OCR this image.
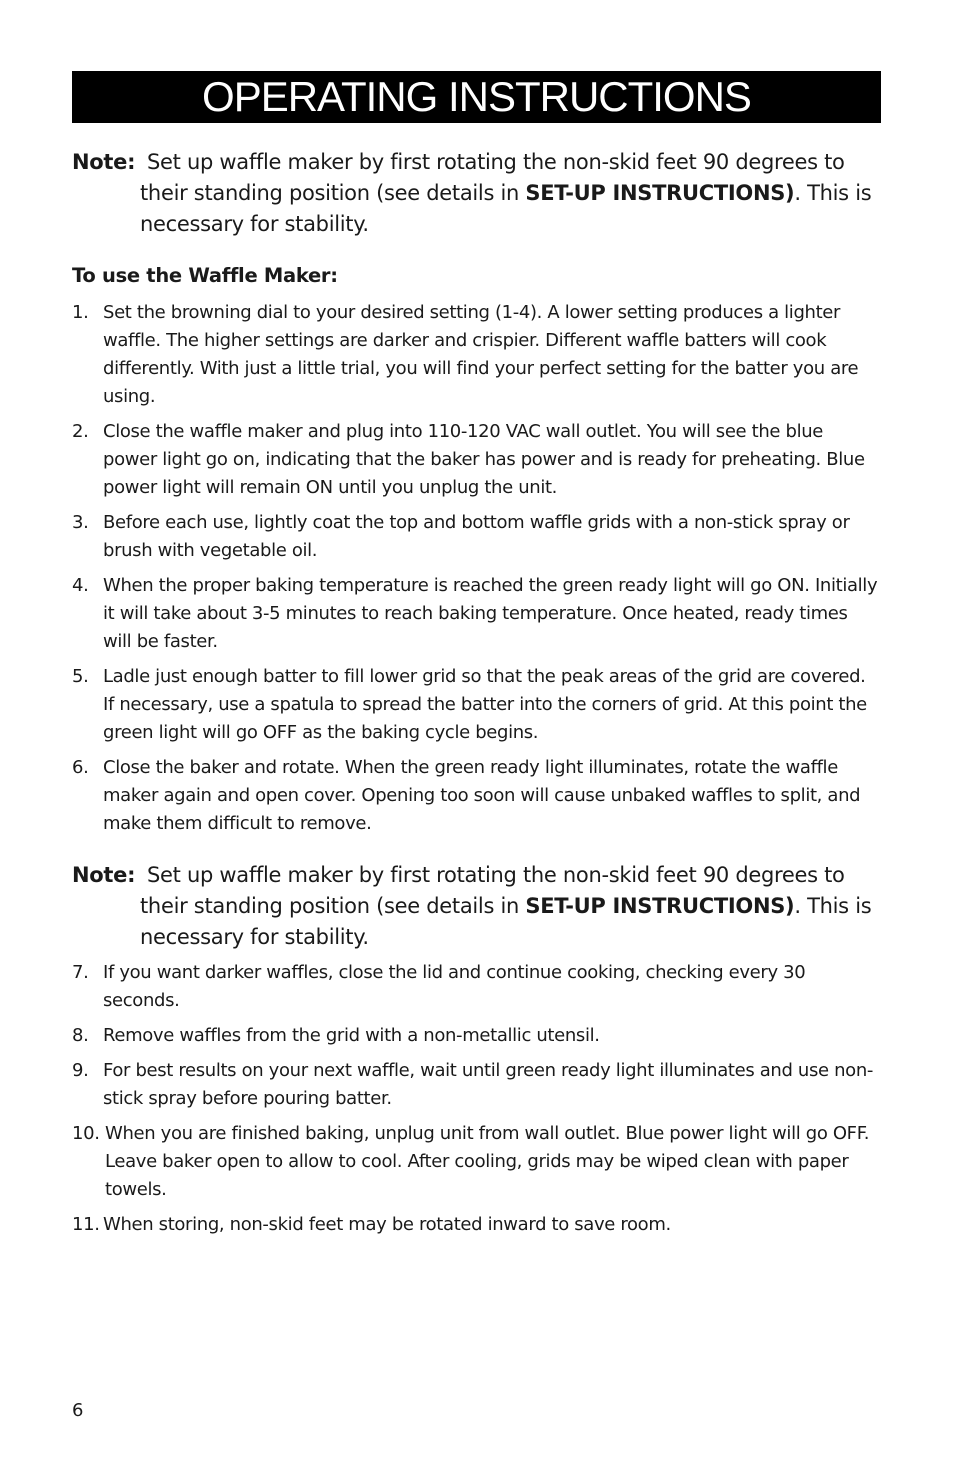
OPERATING INSTRUCTIONS
Note: Set up waffle maker by first rotating the non-skid feet 90 degrees to their standing position (see details in SET-UP INSTRUCTIONS). This is necessary for stability.
To use the Waffle Maker:
1. Set the browning dial to your desired setting (1-4). A lower setting produces a lighter waffle. The higher settings are darker and crispier. Different waffle batters will cook differently. With just a little trial, you will find your perfect setting for the batter you are using.
2. Close the waffle maker and plug into 110-120 VAC wall outlet. You will see the blue power light go on, indicating that the baker has power and is ready for preheating. Blue power light will remain ON until you unplug the unit.
3. Before each use, lightly coat the top and bottom waffle grids with a non-stick spray or brush with vegetable oil.
4. When the proper baking temperature is reached the green ready light will go ON. Initially it will take about 3-5 minutes to reach baking temperature. Once heated, ready times will be faster.
5. Ladle just enough batter to fill lower grid so that the peak areas of the grid are covered. If necessary, use a spatula to spread the batter into the corners of grid. At this point the green light will go OFF as the baking cycle begins.
6. Close the baker and rotate. When the green ready light illuminates, rotate the waffle maker again and open cover. Opening too soon will cause unbaked waffles to split, and make them difficult to remove.
Note: Set up waffle maker by first rotating the non-skid feet 90 degrees to their standing position (see details in SET-UP INSTRUCTIONS). This is necessary for stability.
7. If you want darker waffles, close the lid and continue cooking, checking every 30 seconds.
8. Remove waffles from the grid with a non-metallic utensil.
9. For best results on your next waffle, wait until green ready light illuminates and use non-stick spray before pouring batter.
10. When you are finished baking, unplug unit from wall outlet. Blue power light will go OFF. Leave baker open to allow to cool. After cooling, grids may be wiped clean with paper towels.
11. When storing, non-skid feet may be rotated inward to save room.
6
